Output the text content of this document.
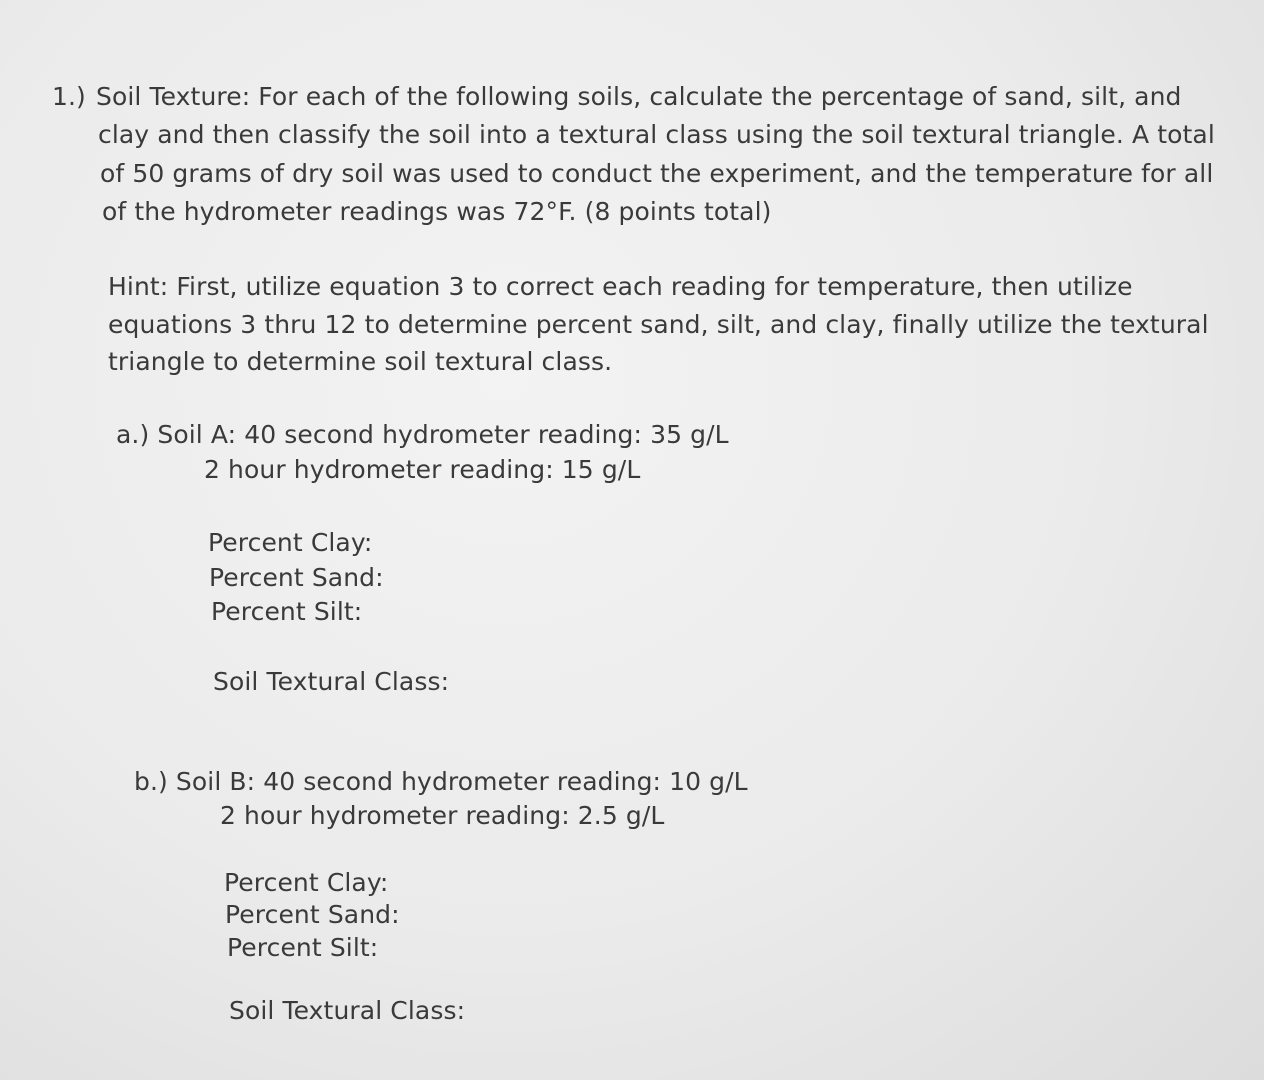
1.) Soil Texture: For each of the following soils, calculate the percentage of sand, silt, and
clay and then classify the soil into a textural class using the soil textural triangle. A total
of 50 grams of dry soil was used to conduct the experiment, and the temperature for all
of the hydrometer readings was 72°F. (8 points total)
Hint: First, utilize equation 3 to correct each reading for temperature, then utilize
equations 3 thru 12 to determine percent sand, silt, and clay, finally utilize the textural
triangle to determine soil textural class.
a.) Soil A: 40 second hydrometer reading: 35 g/L
2 hour hydrometer reading: 15 g/L
Percent Clay:
Percent Sand:
Percent Silt:
Soil Textural Class:
b.) Soil B: 40 second hydrometer reading: 10 g/L
2 hour hydrometer reading: 2.5 g/L
Percent Clay:
Percent Sand:
Percent Silt:
Soil Textural Class:
